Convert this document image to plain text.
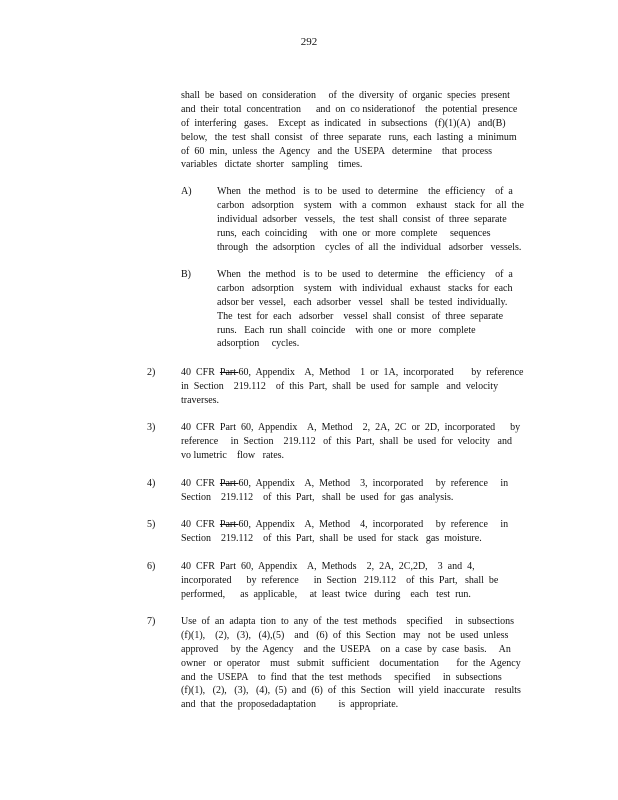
292
shall  be  based  on  consideration     of  the  diversity  of  organic  species  present
and  their  total  concentration      and  on  co nsiderationof    the  potential  presence
of  interfering   gases.    Except  as  indicated   in  subsections   (f)(1)(A)   and(B)
below,   the  test  shall  consist   of  three  separate   runs,  each  lasting  a  minimum
of  60  min,  unless  the  Agency   and  the  USEPA   determine    that  process
variables   dictate  shorter   sampling    times.
A)	When   the  method   is  to  be  used  to  determine    the  efficiency    of  a
carbon   adsorption    system   with  a  common    exhaust   stack  for  all  the
individual  adsorber   vessels,   the  test  shall  consist  of  three  separate
runs,  each  coinciding     with  one  or  more  complete     sequences
through   the  adsorption    cycles  of  all  the  individual   adsorber   vessels.
B)	When   the  method   is  to  be  used  to  determine    the  efficiency    of  a
carbon   adsorption    system   with  individual   exhaust   stacks  for  each
adsor ber  vessel,   each  adsorber   vessel   shall  be  tested  individually.
The  test  for  each   adsorber    vessel  shall  consist   of  three  separate
runs.   Each  run  shall  coincide    with  one  or  more   complete
adsorption     cycles.
2)	40  CFR  Part 60,  Appendix    A,  Method    1  or  1A,  incorporated       by  reference
in  Section    219.112    of  this  Part,  shall  be  used  for  sample   and  velocity
traverses.
3)	40  CFR  Part  60,  Appendix    A,  Method    2,  2A,  2C  or  2D,  incorporated      by
reference     in  Section    219.112   of  this  Part,  shall  be  used  for  velocity   and
vo lumetric    flow   rates.
4)	40  CFR  Part 60,  Appendix    A,  Method    3,  incorporated     by  reference     in
Section    219.112    of  this  Part,   shall  be  used  for  gas  analysis.
5)	40  CFR  Part 60,  Appendix    A,  Method    4,  incorporated     by  reference     in
Section    219.112    of  this  Part,  shall  be  used  for  stack   gas  moisture.
6)	40  CFR  Part  60,  Appendix    A,  Methods    2,  2A,  2C,2D,    3  and  4,
incorporated      by  reference      in  Section   219.112    of  this  Part,   shall  be
performed,      as  applicable,     at  least  twice   during    each   test  run.
7)	Use  of  an  adapta  tion  to  any  of  the  test  methods    specified     in  subsections
(f)(1),    (2),   (3),   (4),(5)    and   (6)  of  this  Section   may   not  be  used  unless
approved     by  the  Agency    and  the  USEPA    on  a  case  by  case  basis.     An
owner   or  operator    must   submit   sufficient    documentation       for  the  Agency
and  the  USEPA    to  find  that  the  test  methods     specified     in  subsections
(f)(1),   (2),   (3),   (4),  (5)  and  (6)  of  this  Section   will  yield  inaccurate    results
and  that  the  proposedadaptation         is  appropriate.
